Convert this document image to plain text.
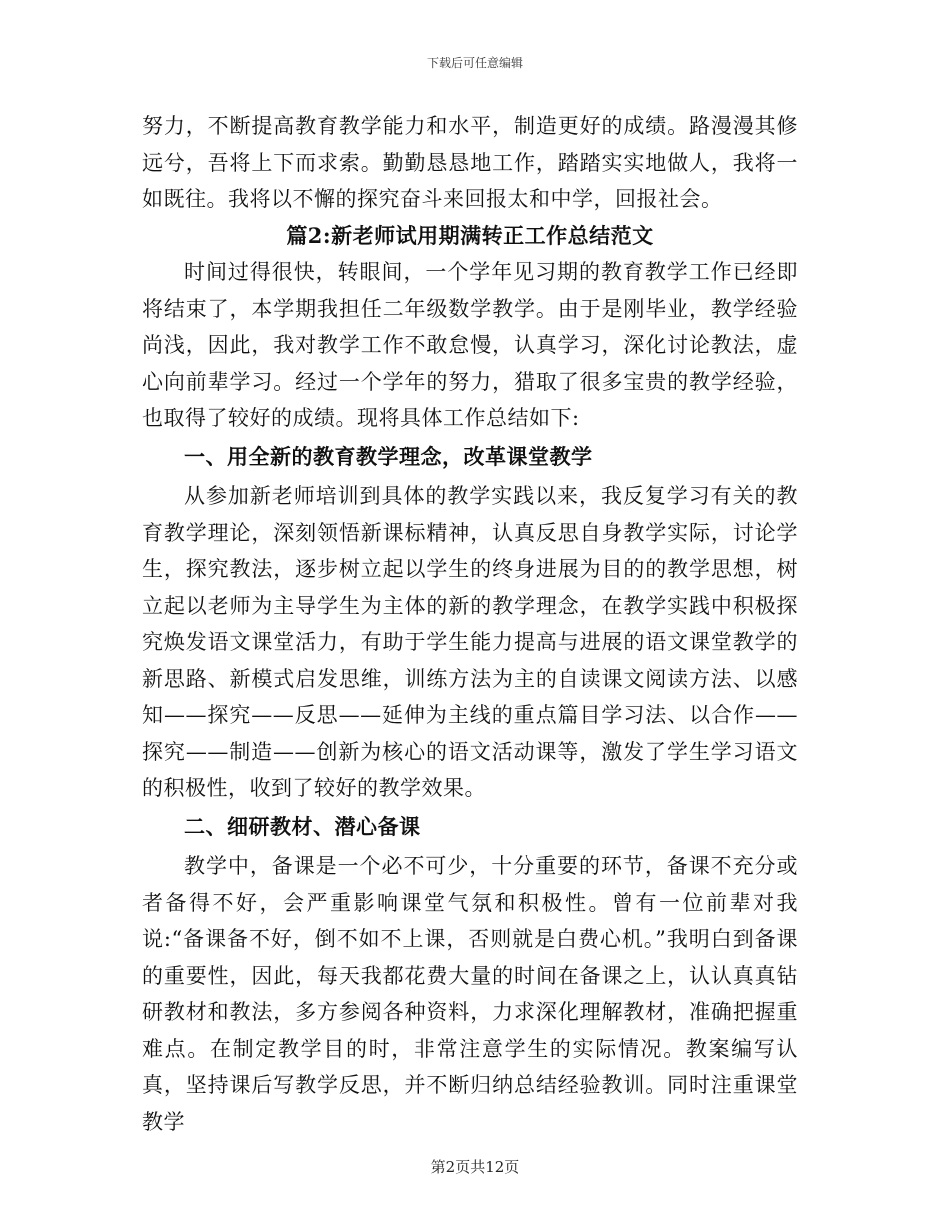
下载后可任意编辑

努力，不断提高教育教学能力和水平，制造更好的成绩。路漫漫其修远兮，吾将上下而求索。勤勤恳恳地工作，踏踏实实地做人，我将一如既往。我将以不懈的探究奋斗来回报太和中学，回报社会。

篇2:新老师试用期满转正工作总结范文

时间过得很快，转眼间，一个学年见习期的教育教学工作已经即将结束了，本学期我担任二年级数学教学。由于是刚毕业，教学经验尚浅，因此，我对教学工作不敢怠慢，认真学习，深化讨论教法，虚心向前辈学习。经过一个学年的努力，猎取了很多宝贵的教学经验，也取得了较好的成绩。现将具体工作总结如下:

一、用全新的教育教学理念，改革课堂教学

从参加新老师培训到具体的教学实践以来，我反复学习有关的教育教学理论，深刻领悟新课标精神，认真反思自身教学实际，讨论学生，探究教法，逐步树立起以学生的终身进展为目的的教学思想，树立起以老师为主导学生为主体的新的教学理念，在教学实践中积极探究焕发语文课堂活力，有助于学生能力提高与进展的语文课堂教学的新思路、新模式启发思维，训练方法为主的自读课文阅读方法、以感知——探究——反思——延伸为主线的重点篇目学习法、以合作——探究——制造——创新为核心的语文活动课等，激发了学生学习语文的积极性，收到了较好的教学效果。

二、细研教材、潜心备课

教学中，备课是一个必不可少，十分重要的环节，备课不充分或者备得不好，会严重影响课堂气氛和积极性。曾有一位前辈对我说:“备课备不好，倒不如不上课，否则就是白费心机。”我明白到备课的重要性，因此，每天我都花费大量的时间在备课之上，认认真真钻研教材和教法，多方参阅各种资料，力求深化理解教材，准确把握重难点。在制定教学目的时，非常注意学生的实际情况。教案编写认真，坚持课后写教学反思，并不断归纳总结经验教训。同时注重课堂教学

第2页共12页
